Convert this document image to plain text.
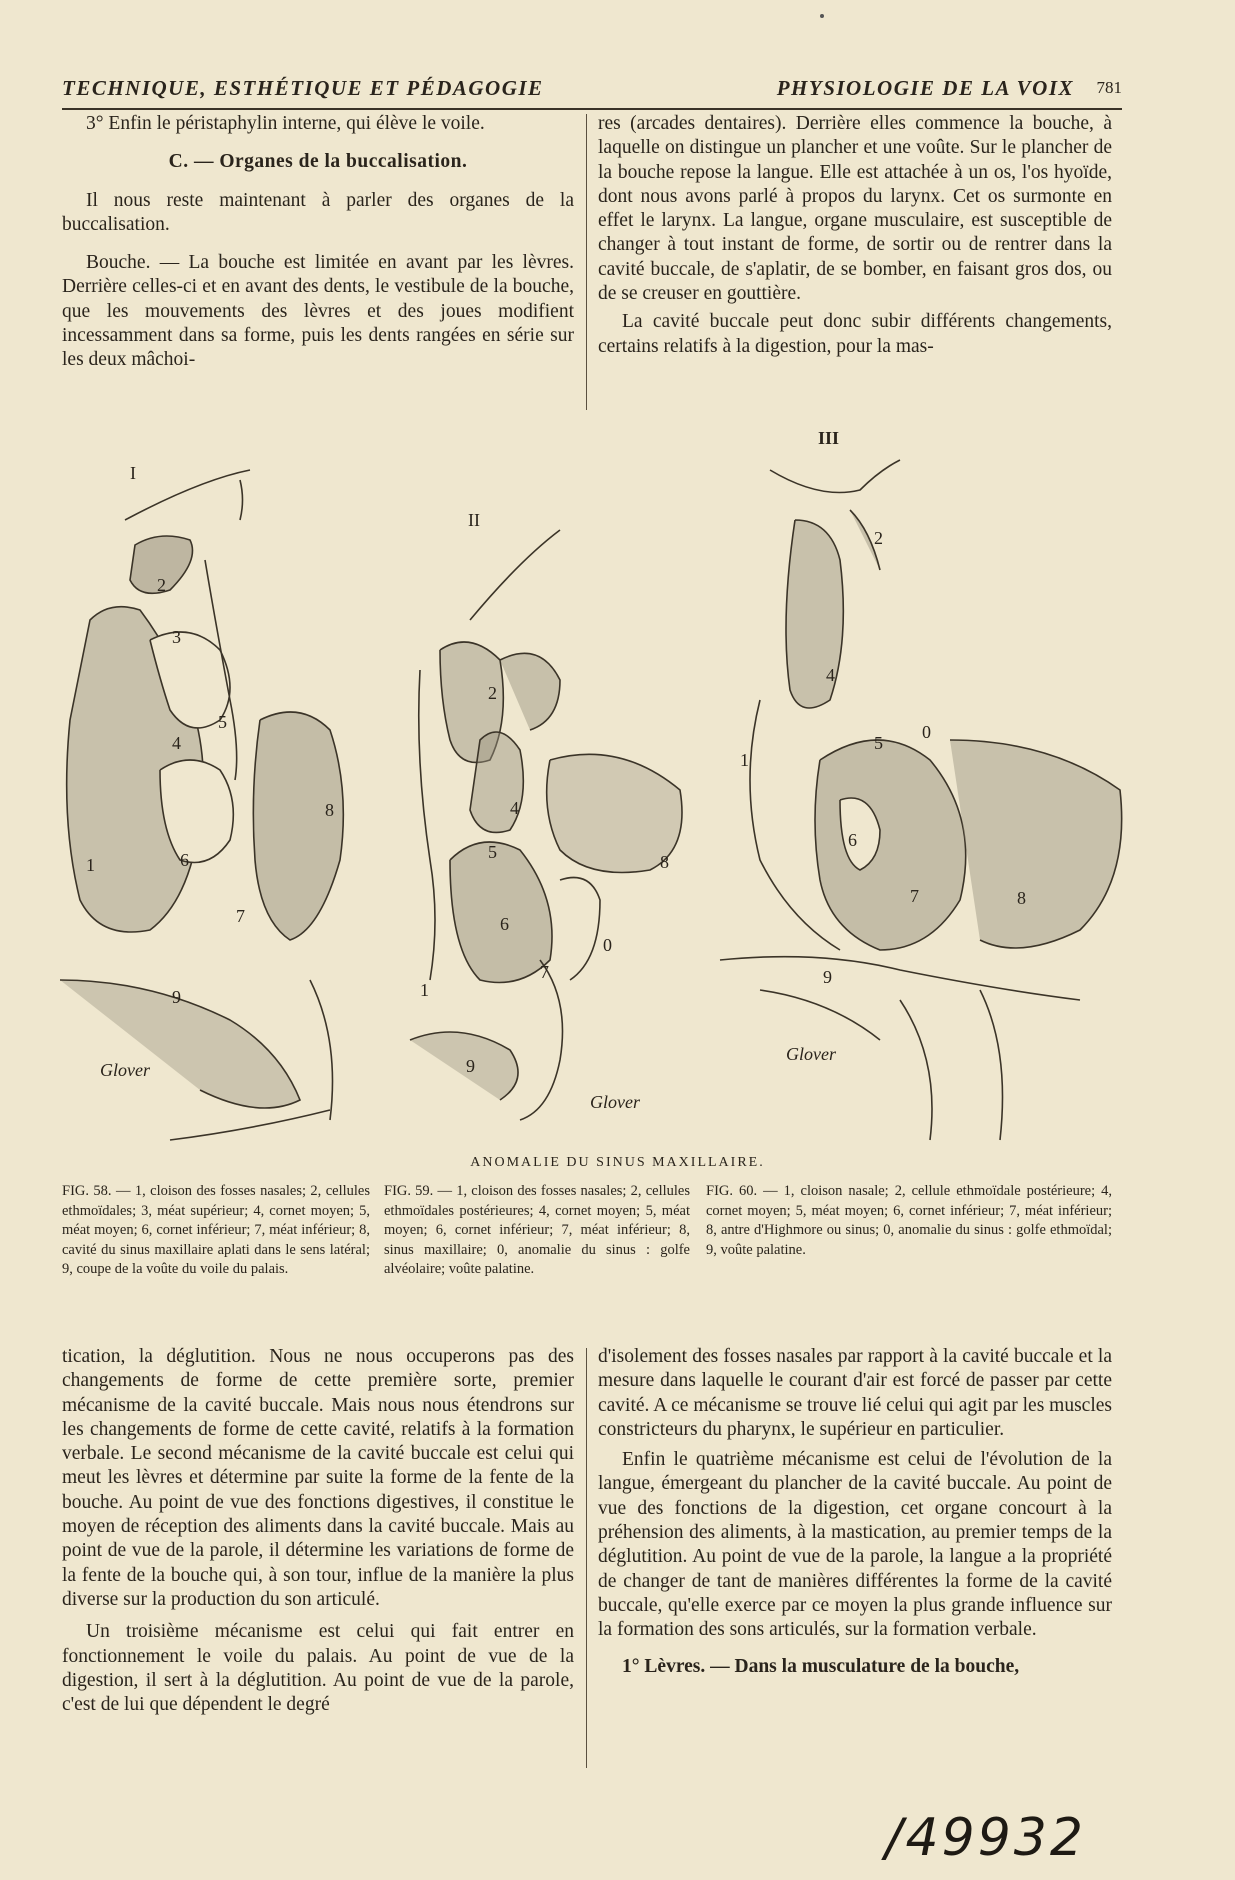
TECHNIQUE, ESTHÉTIQUE ET PÉDAGOGIE	PHYSIOLOGIE DE LA VOIX 781

3° Enfin le péristaphylin interne, qui élève le voile.

C. — Organes de la buccalisation.

Il nous reste maintenant à parler des organes de la buccalisation.

Bouche. — La bouche est limitée en avant par les lèvres. Derrière celles-ci et en avant des dents, le vestibule de la bouche, que les mouvements des lèvres et des joues modifient incessamment dans sa forme, puis les dents rangées en série sur les deux mâchoi-

res (arcades dentaires). Derrière elles commence la bouche, à laquelle on distingue un plancher et une voûte. Sur le plancher de la bouche repose la langue. Elle est attachée à un os, l'os hyoïde, dont nous avons parlé à propos du larynx. Cet os surmonte en effet le larynx. La langue, organe musculaire, est susceptible de changer à tout instant de forme, de sortir ou de rentrer dans la cavité buccale, de s'aplatir, de se bomber, en faisant gros dos, ou de se creuser en gouttière.

La cavité buccale peut donc subir différents changements, certains relatifs à la digestion, pour la mas-

I
II
III
2
3
4
5
8
1	6
7
9
Glover
2
4
5	8
6
0
1
7
9
Glover
2
4
5
0
1
6
7	8
9
Glover
ANOMALIE DU SINUS MAXILLAIRE.

FIG. 58. — 1, cloison des fosses nasales; 2, cellules ethmoïdales; 3, méat supérieur; 4, cornet moyen; 5, méat moyen; 6, cornet inférieur; 7, méat inférieur; 8, cavité du sinus maxillaire aplati dans le sens latéral; 9, coupe de la voûte du voile du palais.

FIG. 59. — 1, cloison des fosses nasales; 2, cellules ethmoïdales postérieures; 4, cornet moyen; 5, méat moyen; 6, cornet inférieur; 7, méat inférieur; 8, sinus maxillaire; 0, anomalie du sinus : golfe alvéolaire; voûte palatine.

FIG. 60. — 1, cloison nasale; 2, cellule ethmoïdale postérieure; 4, cornet moyen; 5, méat moyen; 6, cornet inférieur; 7, méat inférieur; 8, antre d'Highmore ou sinus; 0, anomalie du sinus : golfe ethmoïdal; 9, voûte palatine.

tication, la déglutition. Nous ne nous occuperons pas des changements de forme de cette première sorte, premier mécanisme de la cavité buccale. Mais nous nous étendrons sur les changements de forme de cette cavité, relatifs à la formation verbale. Le second mécanisme de la cavité buccale est celui qui meut les lèvres et détermine par suite la forme de la fente de la bouche. Au point de vue des fonctions digestives, il constitue le moyen de réception des aliments dans la cavité buccale. Mais au point de vue de la parole, il détermine les variations de forme de la fente de la bouche qui, à son tour, influe de la manière la plus diverse sur la production du son articulé.

Un troisième mécanisme est celui qui fait entrer en fonctionnement le voile du palais. Au point de vue de la digestion, il sert à la déglutition. Au point de vue de la parole, c'est de lui que dépendent le degré

d'isolement des fosses nasales par rapport à la cavité buccale et la mesure dans laquelle le courant d'air est forcé de passer par cette cavité. A ce mécanisme se trouve lié celui qui agit par les muscles constricteurs du pharynx, le supérieur en particulier.

Enfin le quatrième mécanisme est celui de l'évolution de la langue, émergeant du plancher de la cavité buccale. Au point de vue des fonctions de la digestion, cet organe concourt à la préhension des aliments, à la mastication, au premier temps de la déglutition. Au point de vue de la parole, la langue a la propriété de changer de tant de manières différentes la forme de la cavité buccale, qu'elle exerce par ce moyen la plus grande influence sur la formation des sons articulés, sur la formation verbale.

1° Lèvres. — Dans la musculature de la bouche,

/49932
